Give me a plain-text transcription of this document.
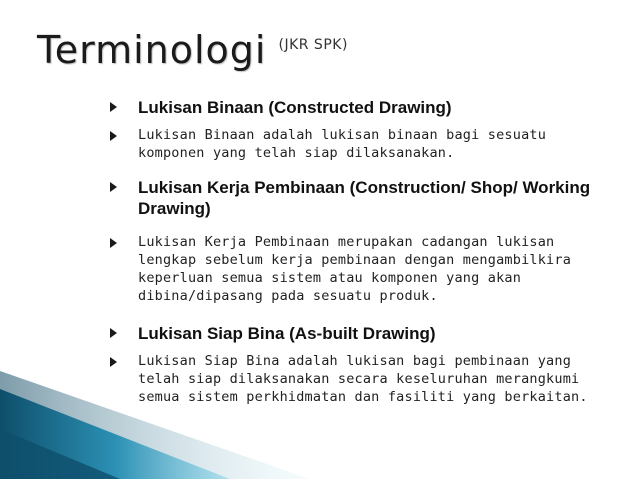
Terminologi (JKR SPK)
Lukisan Binaan (Constructed Drawing)
Lukisan Binaan adalah lukisan binaan bagi sesuatu komponen yang telah siap dilaksanakan.
Lukisan Kerja Pembinaan (Construction/ Shop/ Working Drawing)
Lukisan Kerja Pembinaan merupakan cadangan lukisan lengkap sebelum kerja pembinaan dengan mengambilkira keperluan semua sistem atau komponen yang akan dibina/dipasang pada sesuatu produk.
Lukisan Siap Bina (As-built Drawing)
Lukisan Siap Bina adalah lukisan bagi pembinaan yang telah siap dilaksanakan secara keseluruhan merangkumi semua sistem perkhidmatan dan fasiliti yang berkaitan.
